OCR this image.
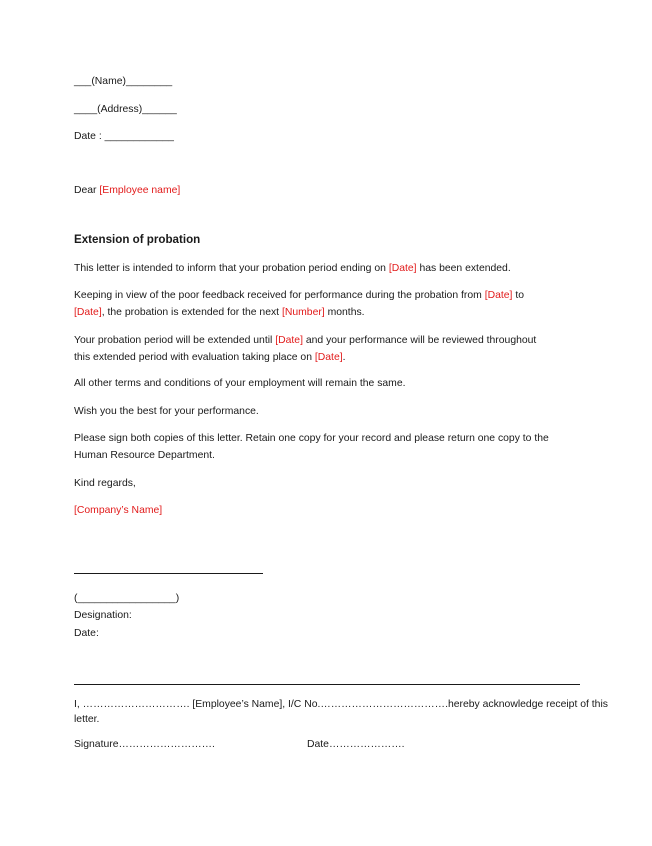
___(Name)________
____(Address)______
Date : ____________
Dear [Employee name]
Extension of probation
This letter is intended to inform that your probation period ending on [Date] has been extended.
Keeping in view of the poor feedback received for performance during the probation from [Date] to
[Date], the probation is extended for the next [Number] months.
Your probation period will be extended until [Date] and your performance will be reviewed throughout
this extended period with evaluation taking place on [Date].
All other terms and conditions of your employment will remain the same.
Wish you the best for your performance.
Please sign both copies of this letter. Retain one copy for your record and please return one copy to the
Human Resource Department.
Kind regards,
[Company’s Name]
(_________________)
Designation:
Date:
I, …………………………. [Employee’s Name], I/C No.……………………………….hereby acknowledge receipt of this
letter.
Signature……………………….	Date………………….
